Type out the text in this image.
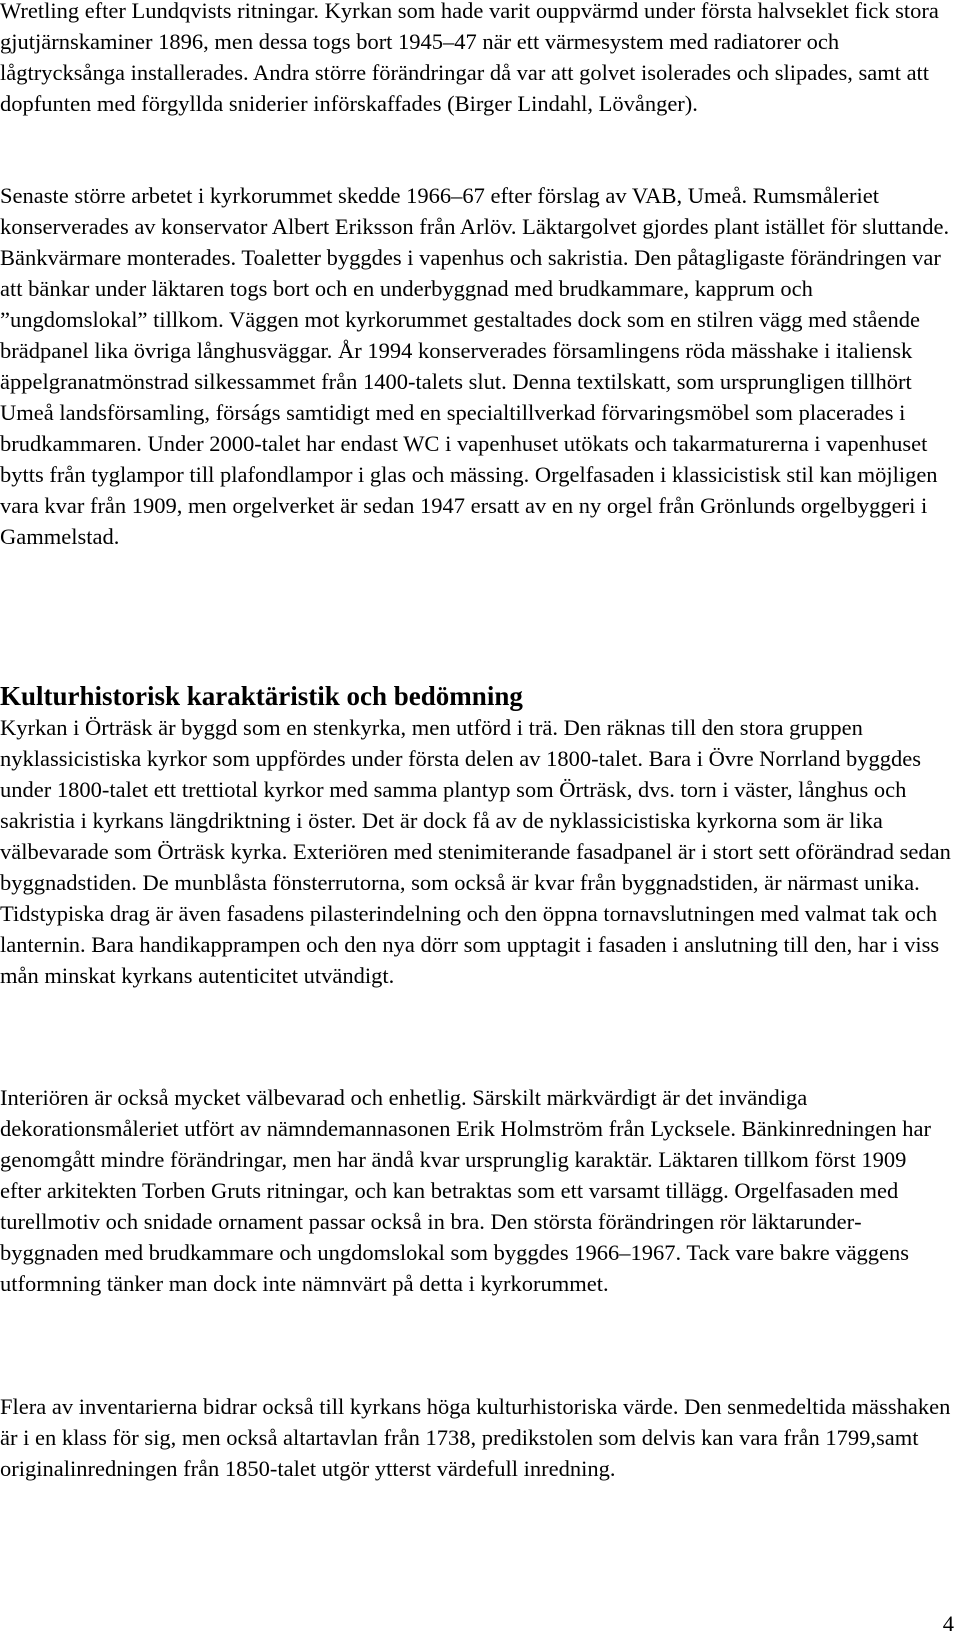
Wretling efter Lundqvists ritningar. Kyrkan som hade varit ouppvärmd under första halvseklet fick stora gjutjärnskaminer 1896, men dessa togs bort 1945–47 när ett värmesystem med radiatorer och lågtrycksånga installerades. Andra större förändringar då var att golvet isolerades och slipades, samt att dopfunten med förgyllda sniderier införskaffades (Birger Lindahl, Lövånger).

Senaste större arbetet i kyrkorummet skedde 1966–67 efter förslag av VAB, Umeå. Rumsmåleriet konserverades av konservator Albert Eriksson från Arlöv. Läktargolvet gjordes plant istället för sluttande. Bänkvärmare monterades. Toaletter byggdes i vapenhus och sakristia. Den påtagligaste förändringen var att bänkar under läktaren togs bort och en underbyggnad med brudkammare, kapprum och ”ungdomslokal” tillkom. Väggen mot kyrkorummet gestaltades dock som en stilren vägg med stående brädpanel lika övriga långhusväggar. År 1994 konserverades församlingens röda mässhake i italiensk äppelgranatmönstrad silkessammet från 1400-talets slut. Denna textilskatt, som ursprungligen tillhört Umeå landsförsamling, förságs samtidigt med en specialtillverkad förvaringsmöbel som placerades i brudkammaren. Under 2000-talet har endast WC i vapenhuset utökats och takarmaturerna i vapenhuset bytts från tyglampor till plafondlampor i glas och mässing. Orgelfasaden i klassicistisk stil kan möjligen vara kvar från 1909, men orgelverket är sedan 1947 ersatt av en ny orgel från Grönlunds orgelbyggeri i Gammelstad.

Kulturhistorisk karaktäristik och bedömning

Kyrkan i Örträsk är byggd som en stenkyrka, men utförd i trä. Den räknas till den stora gruppen nyklassicistiska kyrkor som uppfördes under första delen av 1800-talet. Bara i Övre Norrland byggdes under 1800-talet ett trettiotal kyrkor med samma plantyp som Örträsk, dvs. torn i väster, långhus och sakristia i kyrkans längdriktning i öster. Det är dock få av de nyklassicistiska kyrkorna som är lika välbevarade som Örträsk kyrka. Exteriören med stenimiterande fasadpanel är i stort sett oförändrad sedan byggnadstiden. De munblåsta fönsterrutorna, som också är kvar från byggnadstiden, är närmast unika. Tidstypiska drag är även fasadens pilasterindelning och den öppna tornavslutningen med valmat tak och lanternin. Bara handikapprampen och den nya dörr som upptagit i fasaden i anslutning till den, har i viss mån minskat kyrkans autenticitet utvändigt.

Interiören är också mycket välbevarad och enhetlig. Särskilt märkvärdigt är det invändiga dekorationsmåleriet utfört av nämndemannasonen Erik Holmström från Lycksele. Bänkinredningen har genomgått mindre förändringar, men har ändå kvar ursprunglig karaktär. Läktaren tillkom först 1909 efter arkitekten Torben Gruts ritningar, och kan betraktas som ett varsamt tillägg. Orgelfasaden med turellmotiv och snidade ornament passar också in bra. Den största förändringen rör läktarunderbyggnaden med brudkammare och ungdomslokal som byggdes 1966–1967. Tack vare bakre väggens utformning tänker man dock inte nämnvärt på detta i kyrkorummet.

Flera av inventarierna bidrar också till kyrkans höga kulturhistoriska värde. Den senmedeltida mässhaken är i en klass för sig, men också altartavlan från 1738, predikstolen som delvis kan vara från 1799,samt originalinredningen från 1850-talet utgör ytterst värdefull inredning.

4
